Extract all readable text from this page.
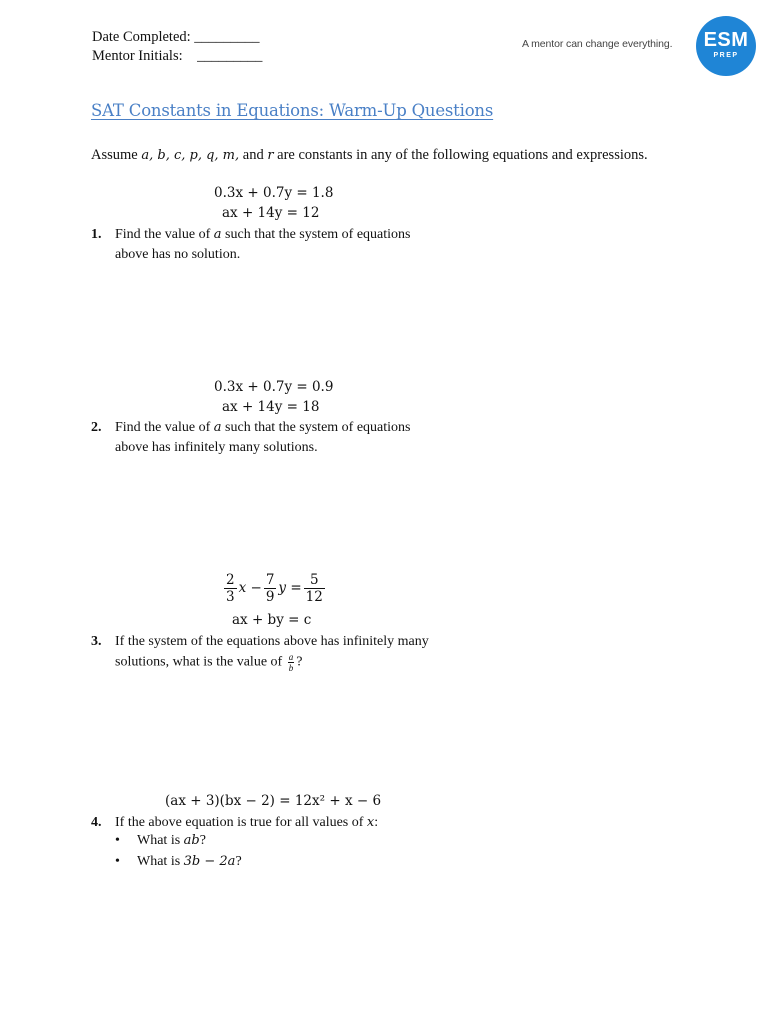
Date Completed: _________
Mentor Initials:    _________
A mentor can change everything.	ESM
PREP
SAT Constants in Equations: Warm-Up Questions
Assume a, b, c, p, q, m, and r are constants in any of the following equations and expressions.
0.3x + 0.7y = 1.8
ax + 14y = 12
1. Find the value of a such that the system of equations
above has no solution.
0.3x + 0.7y = 0.9
ax + 14y = 18
2. Find the value of a such that the system of equations
above has infinitely many solutions.
$\frac{2}{3}$ $x - \frac{7}{9}$ $y = \frac{5}{12}$
ax + by = c
3. If the system of the equations above has infinitely many
solutions, what is the value of $\frac{a}{b}$ ?
(ax + 3)(bx − 2) = 12x² + x − 6
4. If the above equation is true for all values of x:
• What is ab?
• What is 3b − 2a?
